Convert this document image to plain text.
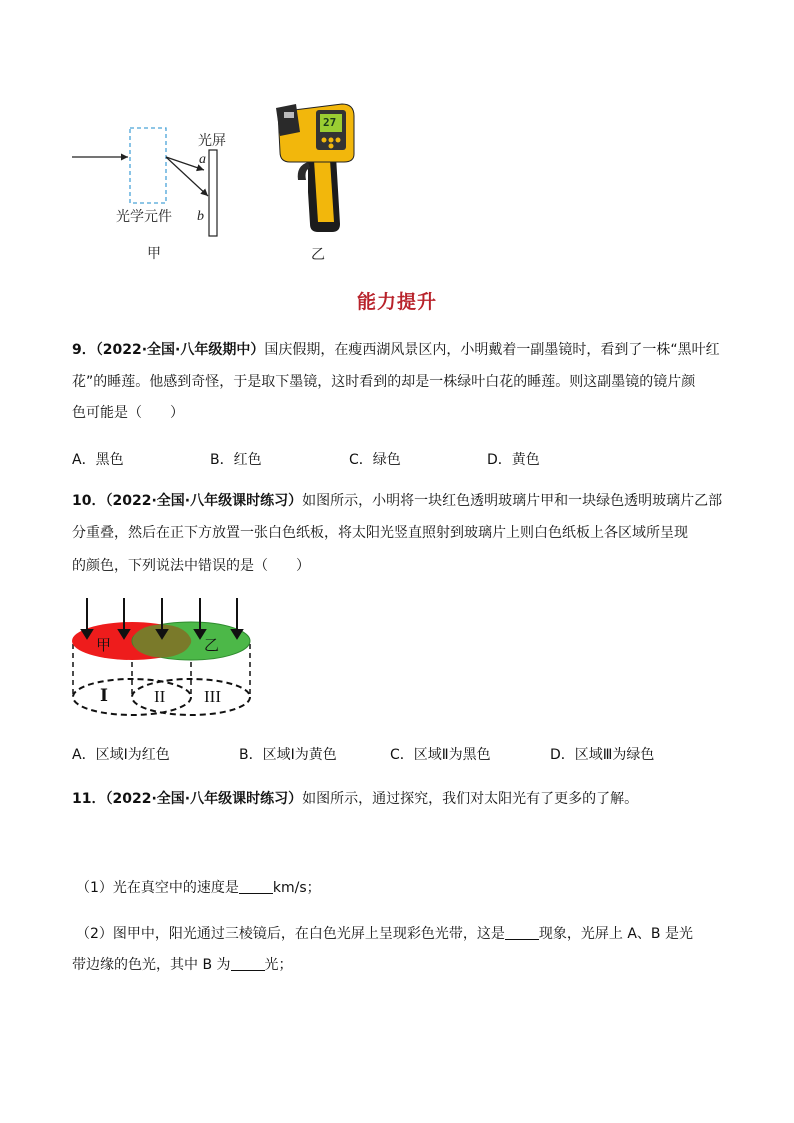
光屏
a
b
光学元件
甲
27
乙
能力提升
9．（2022·全国·八年级期中）国庆假期，在瘦西湖风景区内，小明戴着一副墨镜时，看到了一株“黑叶红
花”的睡莲。他感到奇怪，于是取下墨镜，这时看到的却是一株绿叶白花的睡莲。则这副墨镜的镜片颜
色可能是（　　）
A．黑色	B．红色	C．绿色	D．黄色
10．（2022·全国·八年级课时练习）如图所示，小明将一块红色透明玻璃片甲和一块绿色透明玻璃片乙部
分重叠，然后在正下方放置一张白色纸板，将太阳光竖直照射到玻璃片上则白色纸板上各区域所呈现
的颜色，下列说法中错误的是（　　）
甲	乙
I	II III
A．区域Ⅰ为红色	B．区域Ⅰ为黄色	C．区域Ⅱ为黑色	D．区域Ⅲ为绿色
11．（2022·全国·八年级课时练习）如图所示，通过探究，我们对太阳光有了更多的了解。
（1）光在真空中的速度是 km/s；
（2）图甲中，阳光通过三棱镜后，在白色光屏上呈现彩色光带，这是 现象，光屏上 A、B 是光
带边缘的色光，其中 B 为 光；
